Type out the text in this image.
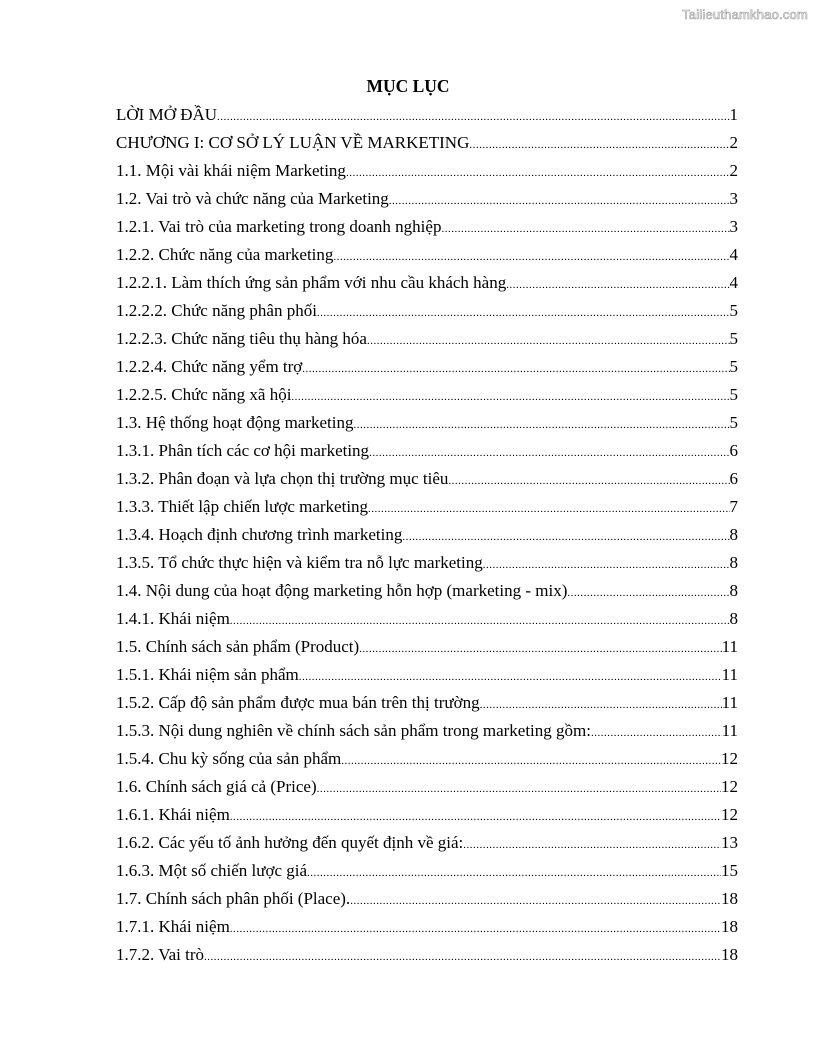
Tailieuthamkhao.com
MỤC LỤC
LỜI MỞ ĐẦU .....	1
CHƯƠNG I: CƠ SỞ LÝ LUẬN VỀ MARKETING .....	2
1.1. Mội vài khái niệm Marketing .....	2
1.2. Vai trò và chức năng của Marketing .....	3
1.2.1. Vai trò của marketing trong doanh nghiệp .....	3
1.2.2. Chức năng của marketing .....	4
1.2.2.1. Làm thích ứng sản phẩm với nhu cầu khách hàng .....	4
1.2.2.2. Chức năng phân phối .....	5
1.2.2.3. Chức năng tiêu thụ hàng hóa .....	5
1.2.2.4. Chức năng yểm trợ .....	5
1.2.2.5. Chức năng xã hội .....	5
1.3. Hệ thống hoạt động marketing .....	5
1.3.1. Phân tích các cơ hội marketing .....	6
1.3.2. Phân đoạn và lựa chọn thị trường mục tiêu .....	6
1.3.3. Thiết lập chiến lược marketing .....	7
1.3.4. Hoạch định chương trình marketing .....	8
1.3.5. Tổ chức thực hiện và kiểm tra nỗ lực marketing .....	8
1.4. Nội dung của hoạt động marketing hỗn hợp (marketing - mix) .....	8
1.4.1. Khái niệm .....	8
1.5. Chính sách sản phẩm (Product) .....	11
1.5.1. Khái niệm sản phẩm .....	11
1.5.2. Cấp độ sản phẩm được mua bán trên thị trường .....	11
1.5.3. Nội dung nghiên về chính sách sản phẩm trong marketing gồm: .....	11
1.5.4. Chu kỳ sống của sản phẩm .....	12
1.6. Chính sách giá cả (Price) .....	12
1.6.1. Khái niệm .....	12
1.6.2. Các yếu tố ảnh hưởng đến quyết định về giá: .....	13
1.6.3. Một số chiến lược giá .....	15
1.7. Chính sách phân phối (Place). .....	18
1.7.1. Khái niệm .....	18
1.7.2. Vai trò .....	18
